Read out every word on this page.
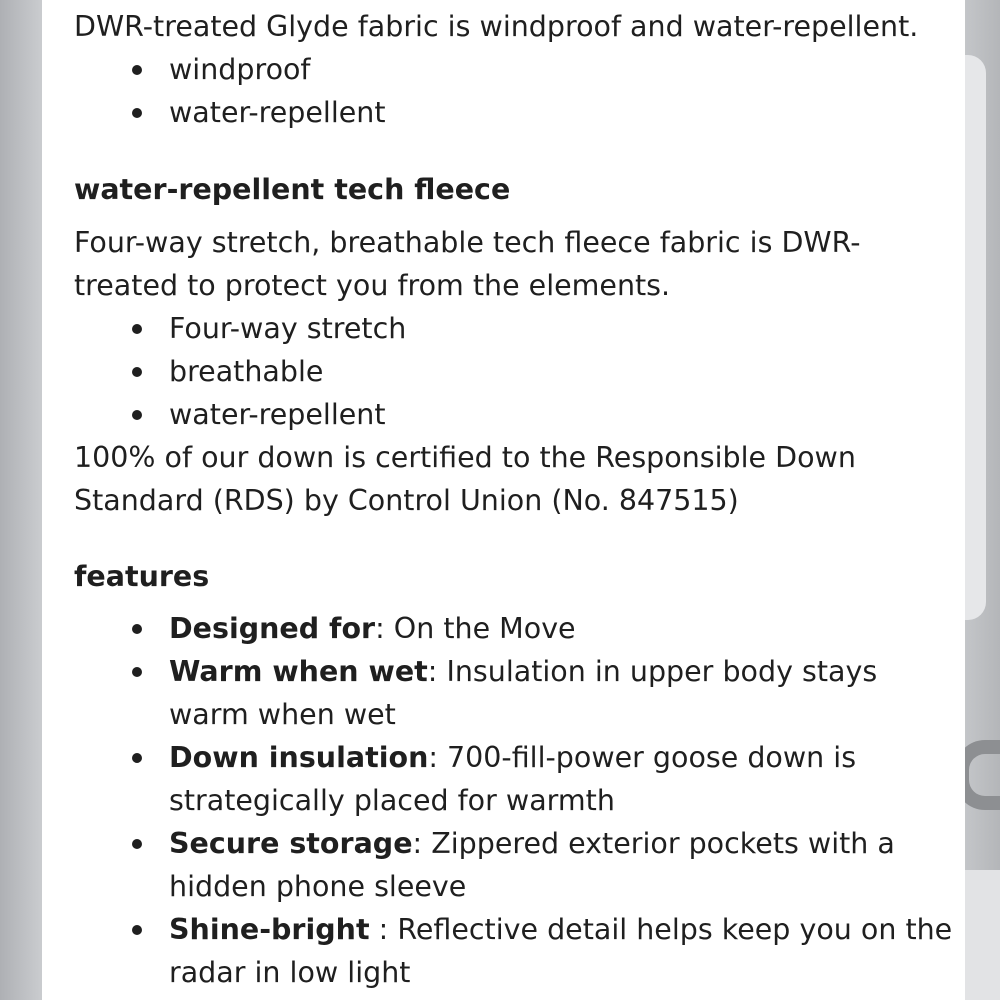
DWR-treated Glyde fabric is windproof and water-repellent.

windproof
water-repellent
water-repellent tech fleece

Four-way stretch, breathable tech fleece fabric is DWR-treated to protect you from the elements.

Four-way stretch
breathable
water-repellent

100% of our down is certified to the Responsible Down Standard (RDS) by Control Union (No. 847515)

features
Designed for: On the Move
Warm when wet: Insulation in upper body stays warm when wet
Down insulation: 700-fill-power goose down is strategically placed for warmth
Secure storage: Zippered exterior pockets with a hidden phone sleeve
Shine-bright : Reflective detail helps keep you on the radar in low light
